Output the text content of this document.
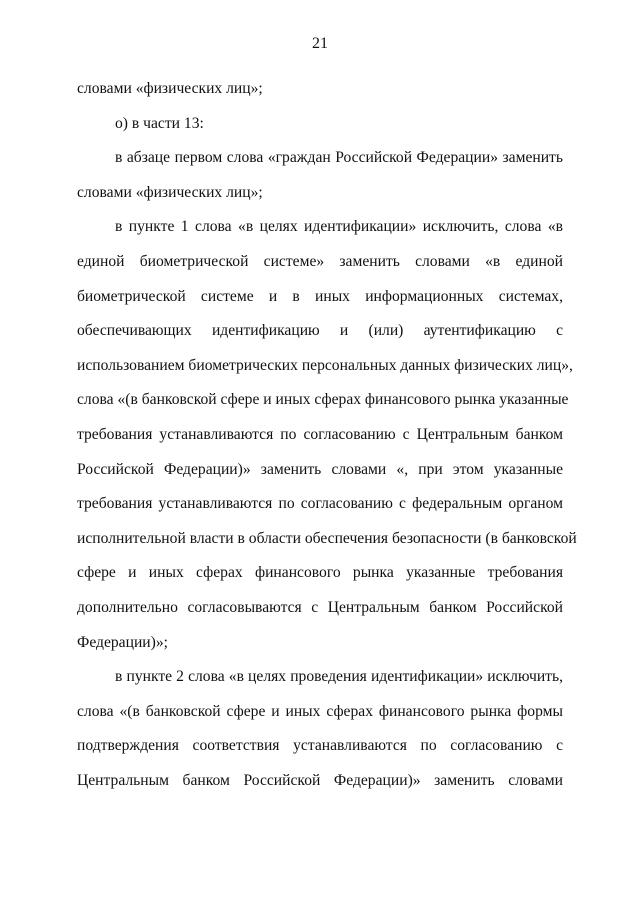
21
словами «физических лиц»;
о) в части 13:
в абзаце первом слова «граждан Российской Федерации» заменить
словами «физических лиц»;
в пункте 1 слова «в целях идентификации» исключить, слова «в
единой биометрической системе» заменить словами «в единой
биометрической системе и в иных информационных системах,
обеспечивающих идентификацию и (или) аутентификацию с
использованием биометрических персональных данных физических лиц»,
слова «(в банковской сфере и иных сферах финансового рынка указанные
требования устанавливаются по согласованию с Центральным банком
Российской Федерации)» заменить словами «, при этом указанные
требования устанавливаются по согласованию с федеральным органом
исполнительной власти в области обеспечения безопасности (в банковской
сфере и иных сферах финансового рынка указанные требования
дополнительно согласовываются с Центральным банком Российской
Федерации)»;
в пункте 2 слова «в целях проведения идентификации» исключить,
слова «(в банковской сфере и иных сферах финансового рынка формы
подтверждения соответствия устанавливаются по согласованию с
Центральным банком Российской Федерации)» заменить словами
